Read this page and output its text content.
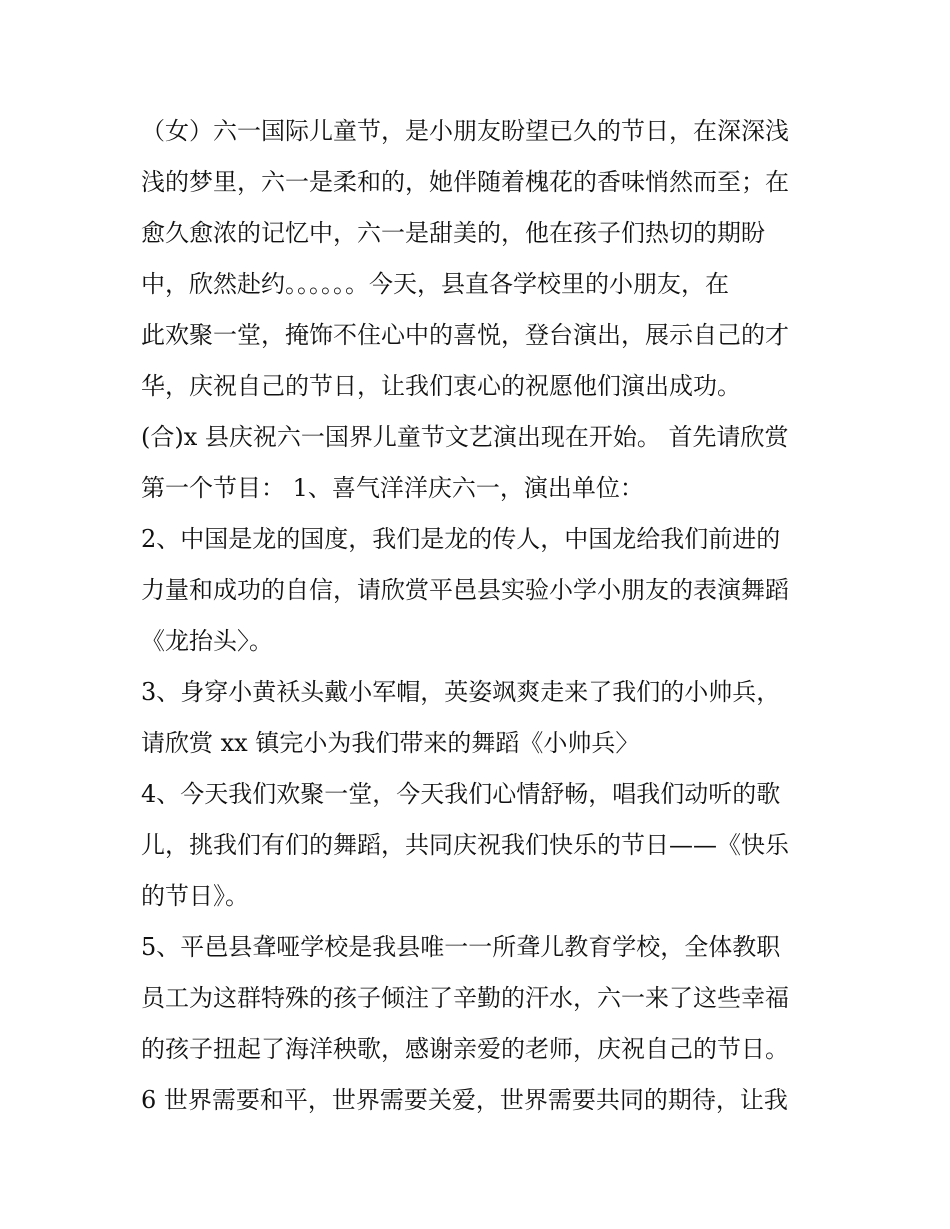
（女）六一国际儿童节，是小朋友盼望已久的节日，在深深浅
浅的梦里，六一是柔和的，她伴随着槐花的香味悄然而至；在
愈久愈浓的记忆中，六一是甜美的，他在孩子们热切的期盼
中，欣然赴约。。。。。。今天，县直各学校里的小朋友，在
此欢聚一堂，掩饰不住心中的喜悦，登台演出，展示自己的才
华，庆祝自己的节日，让我们衷心的祝愿他们演出成功。
(合)x 县庆祝六一国界儿童节文艺演出现在开始。 首先请欣赏
第一个节目： 1、喜气洋洋庆六一，演出单位：
2、中国是龙的国度，我们是龙的传人，中国龙给我们前进的
力量和成功的自信，请欣赏平邑县实验小学小朋友的表演舞蹈
《龙抬头〉。
3、身穿小黄袄头戴小军帽，英姿飒爽走来了我们的小帅兵，
请欣赏 xx 镇完小为我们带来的舞蹈《小帅兵〉
4、今天我们欢聚一堂，今天我们心情舒畅，唱我们动听的歌
儿，挑我们有们的舞蹈，共同庆祝我们快乐的节日——《快乐
的节日》。
5、平邑县聋哑学校是我县唯一一所聋儿教育学校，全体教职
员工为这群特殊的孩子倾注了辛勤的汗水，六一来了这些幸福
的孩子扭起了海洋秧歌，感谢亲爱的老师，庆祝自己的节日。
6 世界需要和平，世界需要关爱，世界需要共同的期待，让我
